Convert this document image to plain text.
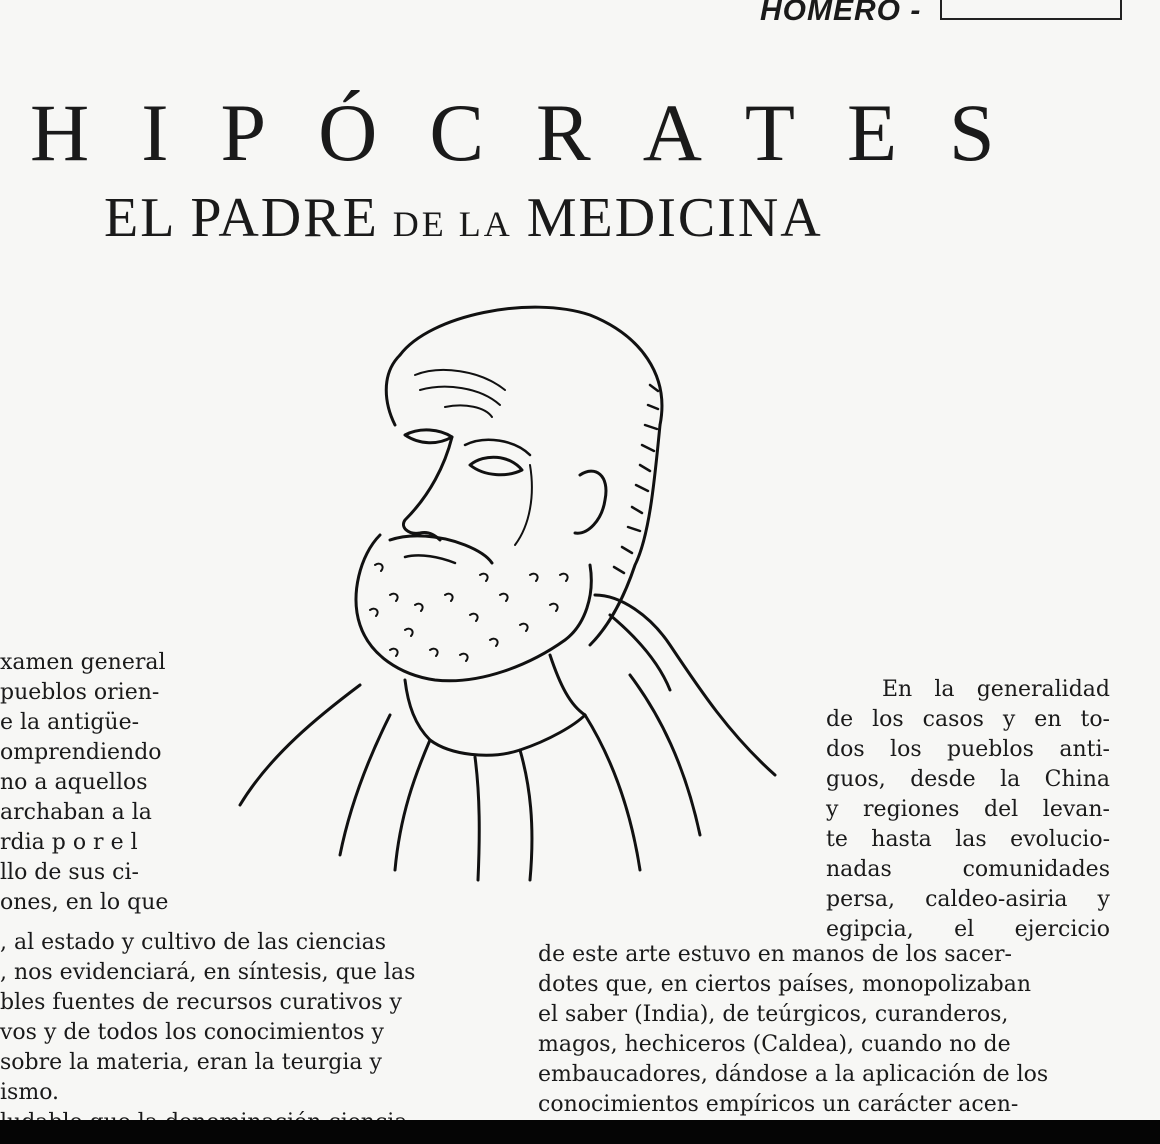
HOMERO -
HIPÓCRATES
EL PADRE DE LA MEDICINA
xamen general
pueblos orien-
e la antigüe-
omprendiendo
no a aquellos
archaban a la
rdia p o r e l
llo de sus ci-
ones, en lo que
, al estado y cultivo de las ciencias
, nos evidenciará, en síntesis, que las
bles fuentes de recursos curativos y
vos y de todos los conocimientos y
sobre la materia, eran la teurgia y
ismo.
En la generalidad
de los casos y en to-
dos los pueblos anti-
guos, desde la China
y regiones del levan-
te hasta las evolucio-
nadas comunidades
persa, caldeo-asiria y
egipcia, el ejercicio
de este arte estuvo en manos de los sacer-
dotes que, en ciertos países, monopolizaban
el saber (India), de teúrgicos, curanderos,
magos, hechiceros (Caldea), cuando no de
embaucadores, dándose a la aplicación de los
conocimientos empíricos un carácter acen-
